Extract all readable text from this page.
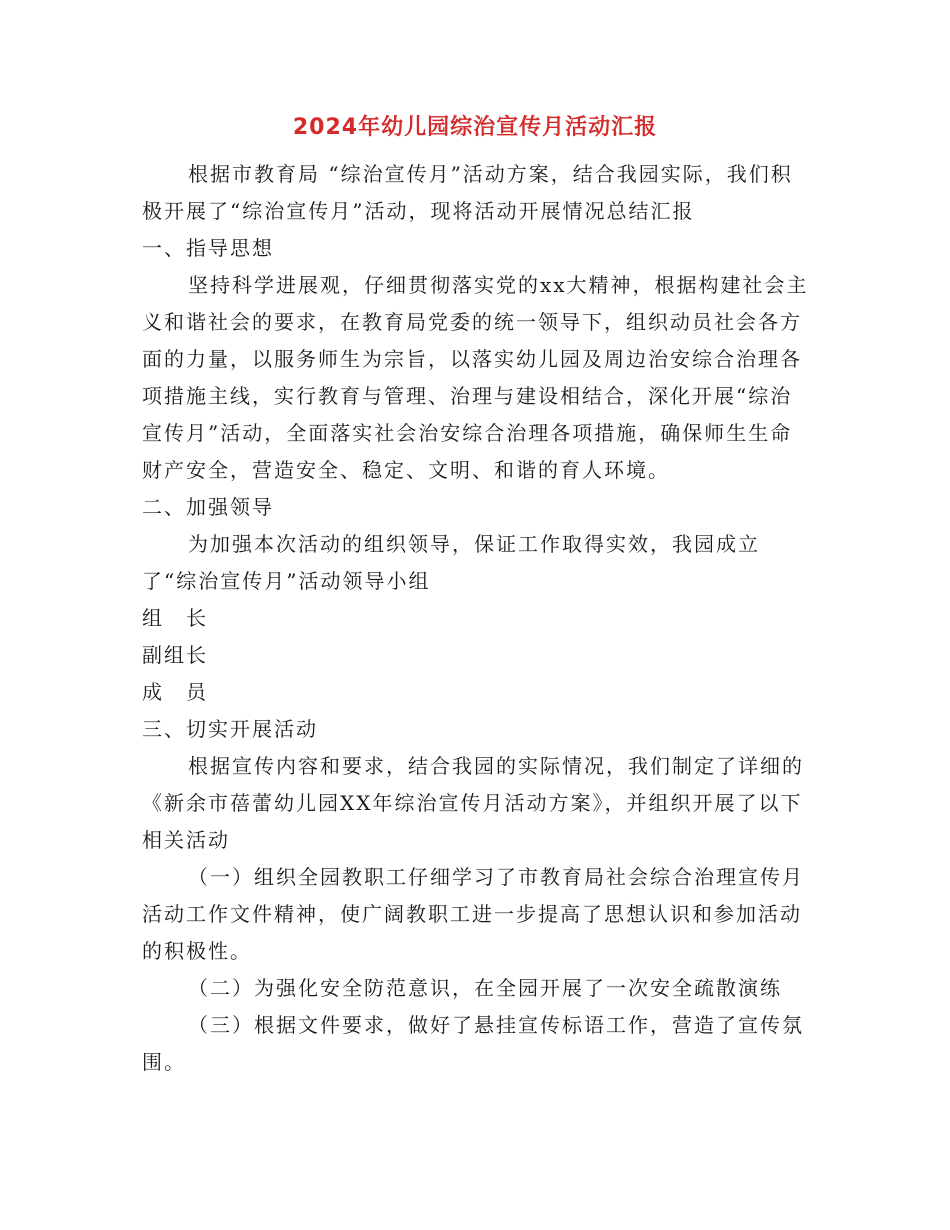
2024年幼儿园综治宣传月活动汇报

根据市教育局 “综治宣传月”活动方案，结合我园实际，我们积极开展了“综治宣传月”活动，现将活动开展情况总结汇报

一、指导思想

坚持科学进展观，仔细贯彻落实党的xx大精神，根据构建社会主义和谐社会的要求，在教育局党委的统一领导下，组织动员社会各方面的力量，以服务师生为宗旨，以落实幼儿园及周边治安综合治理各项措施主线，实行教育与管理、治理与建设相结合，深化开展“综治宣传月”活动，全面落实社会治安综合治理各项措施，确保师生生命财产安全，营造安全、稳定、文明、和谐的育人环境。

二、加强领导

为加强本次活动的组织领导，保证工作取得实效，我园成立了“综治宣传月”活动领导小组

组　长

副组长

成　员

三、切实开展活动

根据宣传内容和要求，结合我园的实际情况，我们制定了详细的《新余市蓓蕾幼儿园XX年综治宣传月活动方案》，并组织开展了以下相关活动

（一）组织全园教职工仔细学习了市教育局社会综合治理宣传月活动工作文件精神，使广阔教职工进一步提高了思想认识和参加活动的积极性。

（二）为强化安全防范意识，在全园开展了一次安全疏散演练

（三）根据文件要求，做好了悬挂宣传标语工作，营造了宣传氛围。
